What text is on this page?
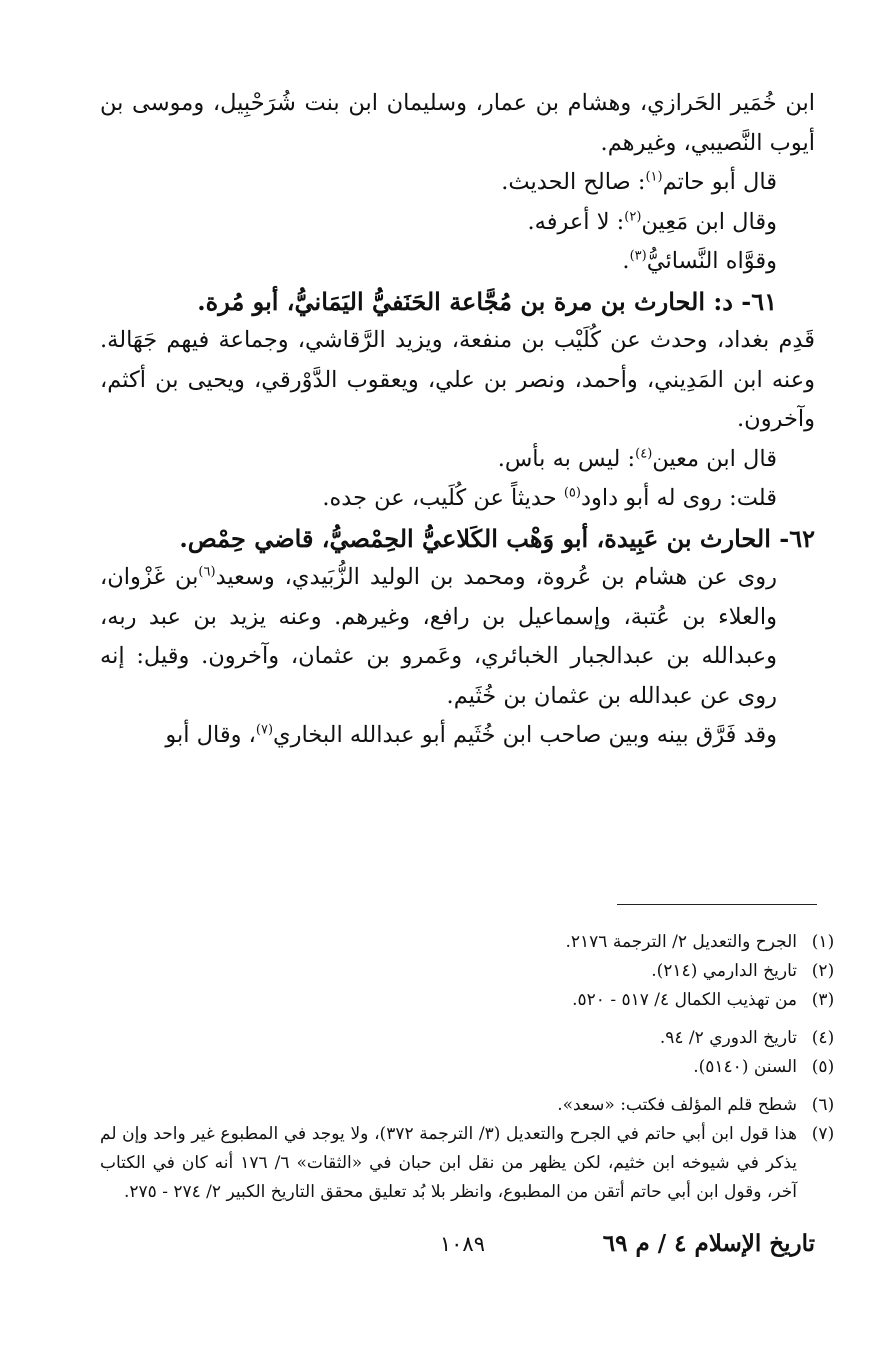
ابن خُمَير الحَرازي، وهشام بن عمار، وسليمان ابن بنت شُرَحْبِيل، وموسى بن أيوب النَّصيبي، وغيرهم.

قال أبو حاتم$^{(١)}$: صالح الحديث.

وقال ابن مَعِين$^{(٢)}$: لا أعرفه.

وقوَّاه النَّسائيُّ$^{(٣)}$.

٦١- د: الحارث بن مرة بن مُجَّاعة الحَنَفيُّ اليَمَانيُّ، أبو مُرة.

قَدِم بغداد، وحدث عن كُلَيْب بن منفعة، ويزيد الرَّقاشي، وجماعة فيهم جَهَالة. وعنه ابن المَدِيني، وأحمد، ونصر بن علي، ويعقوب الدَّوْرقي، ويحيى بن أكثم، وآخرون.

قال ابن معين$^{(٤)}$: ليس به بأس.

قلت: روى له أبو داود$^{(٥)}$ حديثاً عن كُلَيب، عن جده.

٦٢- الحارث بن عَبِيدة، أبو وَهْب الكَلاعيُّ الحِمْصيُّ، قاضي حِمْص.

روى عن هشام بن عُروة، ومحمد بن الوليد الزُّبَيدي، وسعيد$^{(٦)}$بن غَزْوان، والعلاء بن عُتبة، وإسماعيل بن رافع، وغيرهم. وعنه يزيد بن عبد ربه، وعبدالله بن عبدالجبار الخبائري، وعَمرو بن عثمان، وآخرون. وقيل: إنه روى عن عبدالله بن عثمان بن خُثَيم.

وقد فَرَّق بينه وبين صاحب ابن خُثَيم أبو عبدالله البخاري$^{(٧)}$، وقال أبو

(١)
الجرح والتعديل ٢/ الترجمة ٢١٧٦.
(٢)
تاريخ الدارمي (٢١٤).
(٣)
من تهذيب الكمال ٤/ ٥١٧ - ٥٢٠.
(٤)
تاريخ الدوري ٢/ ٩٤.
(٥)
السنن (٥١٤٠).
(٦)
شطح قلم المؤلف فكتب: «سعد».
(٧)
هذا قول ابن أبي حاتم في الجرح والتعديل (٣/ الترجمة ٣٧٢)، ولا يوجد في المطبوع غير واحد وإن لم يذكر في شيوخه ابن خثيم، لكن يظهر من نقل ابن حبان في «الثقات» ٦/ ١٧٦ أنه كان في الكتاب آخر، وقول ابن أبي حاتم أتقن من المطبوع، وانظر بلا بُد تعليق محقق التاريخ الكبير ٢/ ٢٧٤ - ٢٧٥.
تاريخ الإسلام ٤ / م ٦٩
١٠٨٩
